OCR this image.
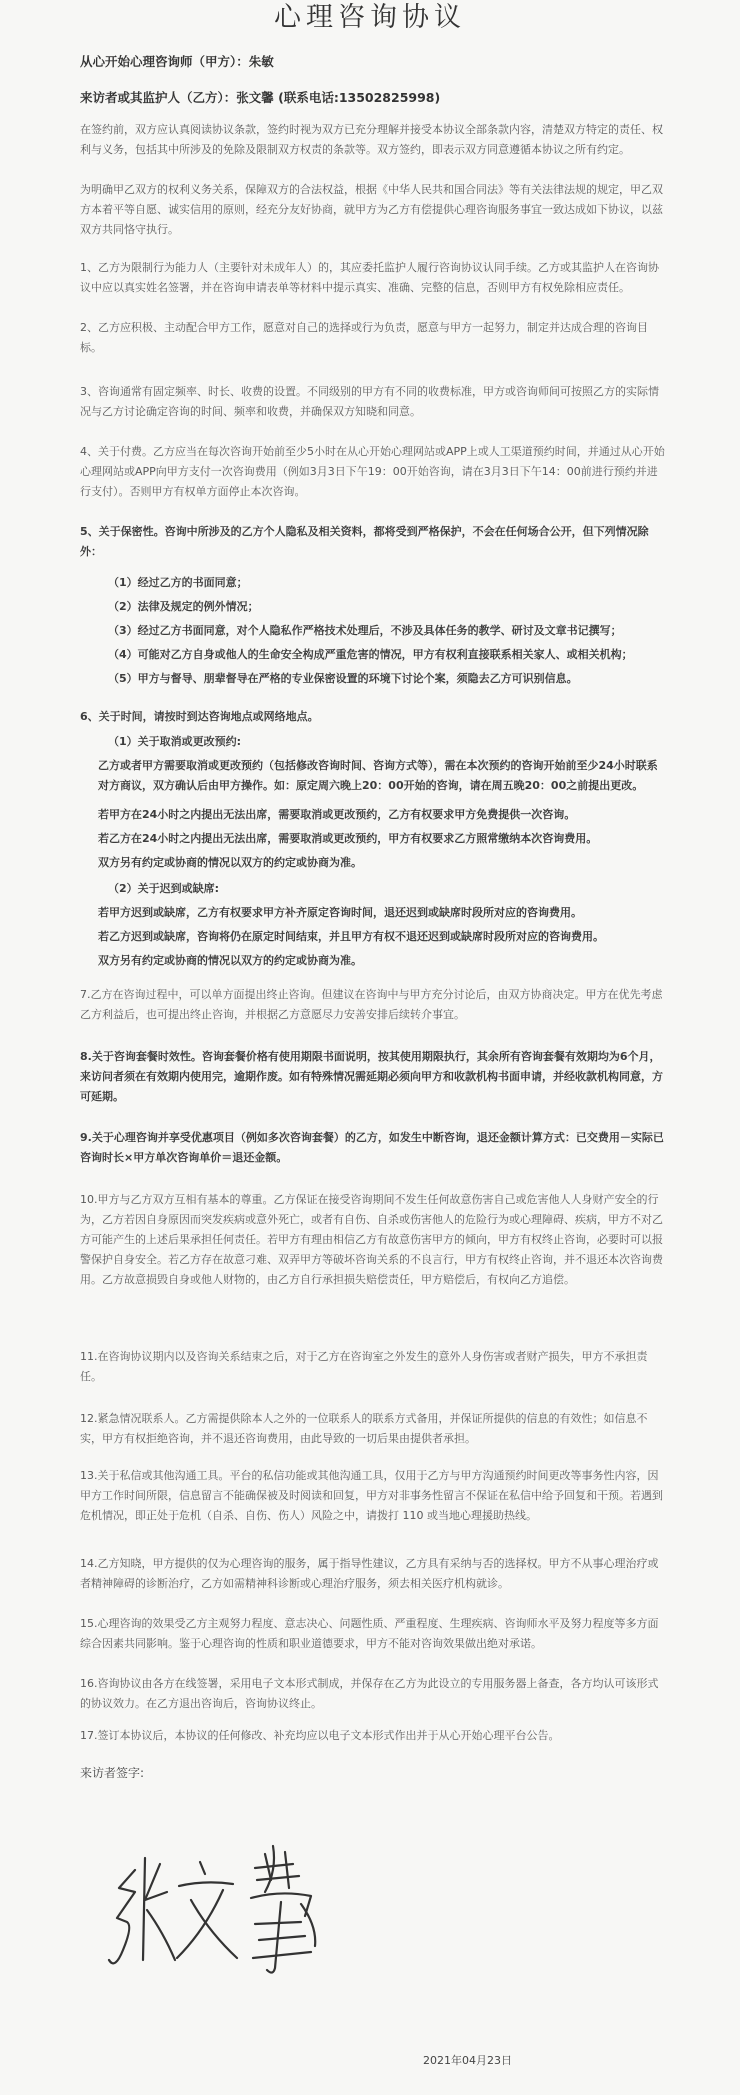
心理咨询协议
从心开始心理咨询师（甲方）：朱敏
来访者或其监护人（乙方）：张文馨 (联系电话:13502825998)
在签约前，双方应认真阅读协议条款，签约时视为双方已充分理解并接受本协议全部条款内容，清楚双方特定的责任、权利与义务，包括其中所涉及的免除及限制双方权责的条款等。双方签约，即表示双方同意遵循本协议之所有约定。
为明确甲乙双方的权利义务关系，保障双方的合法权益，根据《中华人民共和国合同法》等有关法律法规的规定，甲乙双方本着平等自愿、诚实信用的原则，经充分友好协商，就甲方为乙方有偿提供心理咨询服务事宜一致达成如下协议，以兹双方共同恪守执行。
1、乙方为限制行为能力人（主要针对未成年人）的，其应委托监护人履行咨询协议认同手续。乙方或其监护人在咨询协议中应以真实姓名签署，并在咨询申请表单等材料中提示真实、准确、完整的信息，否则甲方有权免除相应责任。
2、乙方应积极、主动配合甲方工作，愿意对自己的选择或行为负责，愿意与甲方一起努力，制定并达成合理的咨询目标。
3、咨询通常有固定频率、时长、收费的设置。不同级别的甲方有不同的收费标准，甲方或咨询师间可按照乙方的实际情况与乙方讨论确定咨询的时间、频率和收费，并确保双方知晓和同意。
4、关于付费。乙方应当在每次咨询开始前至少5小时在从心开始心理网站或APP上或人工渠道预约时间，并通过从心开始心理网站或APP向甲方支付一次咨询费用（例如3月3日下午19：00开始咨询，请在3月3日下午14：00前进行预约并进行支付）。否则甲方有权单方面停止本次咨询。
5、关于保密性。咨询中所涉及的乙方个人隐私及相关资料，都将受到严格保护，不会在任何场合公开，但下列情况除外：
（1）经过乙方的书面同意；
（2）法律及规定的例外情况；
（3）经过乙方书面同意，对个人隐私作严格技术处理后，不涉及具体任务的教学、研讨及文章书记撰写；
（4）可能对乙方自身或他人的生命安全构成严重危害的情况，甲方有权利直接联系相关家人、或相关机构；
（5）甲方与督导、朋辈督导在严格的专业保密设置的环境下讨论个案，须隐去乙方可识别信息。
6、关于时间，请按时到达咨询地点或网络地点。
（1）关于取消或更改预约:
乙方或者甲方需要取消或更改预约（包括修改咨询时间、咨询方式等），需在本次预约的咨询开始前至少24小时联系对方商议，双方确认后由甲方操作。如：原定周六晚上20：00开始的咨询，请在周五晚20：00之前提出更改。
若甲方在24小时之内提出无法出席，需要取消或更改预约，乙方有权要求甲方免费提供一次咨询。
若乙方在24小时之内提出无法出席，需要取消或更改预约，甲方有权要求乙方照常缴纳本次咨询费用。
双方另有约定或协商的情况以双方的约定或协商为准。
（2）关于迟到或缺席:
若甲方迟到或缺席，乙方有权要求甲方补齐原定咨询时间，退还迟到或缺席时段所对应的咨询费用。
若乙方迟到或缺席，咨询将仍在原定时间结束，并且甲方有权不退还迟到或缺席时段所对应的咨询费用。
双方另有约定或协商的情况以双方的约定或协商为准。
7.乙方在咨询过程中，可以单方面提出终止咨询。但建议在咨询中与甲方充分讨论后，由双方协商决定。甲方在优先考虑乙方利益后，也可提出终止咨询，并根据乙方意愿尽力安善安排后续转介事宜。
8.关于咨询套餐时效性。咨询套餐价格有使用期限书面说明，按其使用期限执行，其余所有咨询套餐有效期均为6个月，来访问者须在有效期内使用完，逾期作废。如有特殊情况需延期必须向甲方和收款机构书面申请，并经收款机构同意，方可延期。
9.关于心理咨询并享受优惠项目（例如多次咨询套餐）的乙方，如发生中断咨询，退还金额计算方式：已交费用－实际已咨询时长×甲方单次咨询单价＝退还金额。
10.甲方与乙方双方互相有基本的尊重。乙方保证在接受咨询期间不发生任何故意伤害自己或危害他人人身财产安全的行为，乙方若因自身原因而突发疾病或意外死亡，或者有自伤、自杀或伤害他人的危险行为或心理障碍、疾病，甲方不对乙方可能产生的上述后果承担任何责任。若甲方有理由相信乙方有故意伤害甲方的倾向，甲方有权终止咨询，必要时可以报警保护自身安全。若乙方存在故意刁难、双弄甲方等破坏咨询关系的不良言行，甲方有权终止咨询，并不退还本次咨询费用。乙方故意损毁自身或他人财物的，由乙方自行承担损失赔偿责任，甲方赔偿后，有权向乙方追偿。
11.在咨询协议期内以及咨询关系结束之后，对于乙方在咨询室之外发生的意外人身伤害或者财产损失，甲方不承担责任。
12.紧急情况联系人。乙方需提供除本人之外的一位联系人的联系方式备用，并保证所提供的信息的有效性；如信息不实，甲方有权拒绝咨询，并不退还咨询费用，由此导致的一切后果由提供者承担。
13.关于私信或其他沟通工具。平台的私信功能或其他沟通工具，仅用于乙方与甲方沟通预约时间更改等事务性内容，因甲方工作时间所限，信息留言不能确保被及时阅读和回复，甲方对非事务性留言不保证在私信中给予回复和干预。若遇到危机情况，即正处于危机（自杀、自伤、伤人）风险之中，请拨打 110 或当地心理援助热线。
14.乙方知晓，甲方提供的仅为心理咨询的服务，属于指导性建议，乙方具有采纳与否的选择权。甲方不从事心理治疗或者精神障碍的诊断治疗，乙方如需精神科诊断或心理治疗服务，须去相关医疗机构就诊。
15.心理咨询的效果受乙方主观努力程度、意志决心、问题性质、严重程度、生理疾病、咨询师水平及努力程度等多方面综合因素共同影响。鉴于心理咨询的性质和职业道德要求，甲方不能对咨询效果做出绝对承诺。
16.咨询协议由各方在线签署，采用电子文本形式制成，并保存在乙方为此设立的专用服务器上备查，各方均认可该形式的协议效力。在乙方退出咨询后，咨询协议终止。
17.签订本协议后，本协议的任何修改、补充均应以电子文本形式作出并于从心开始心理平台公告。
来访者签字:
2021年04月23日
